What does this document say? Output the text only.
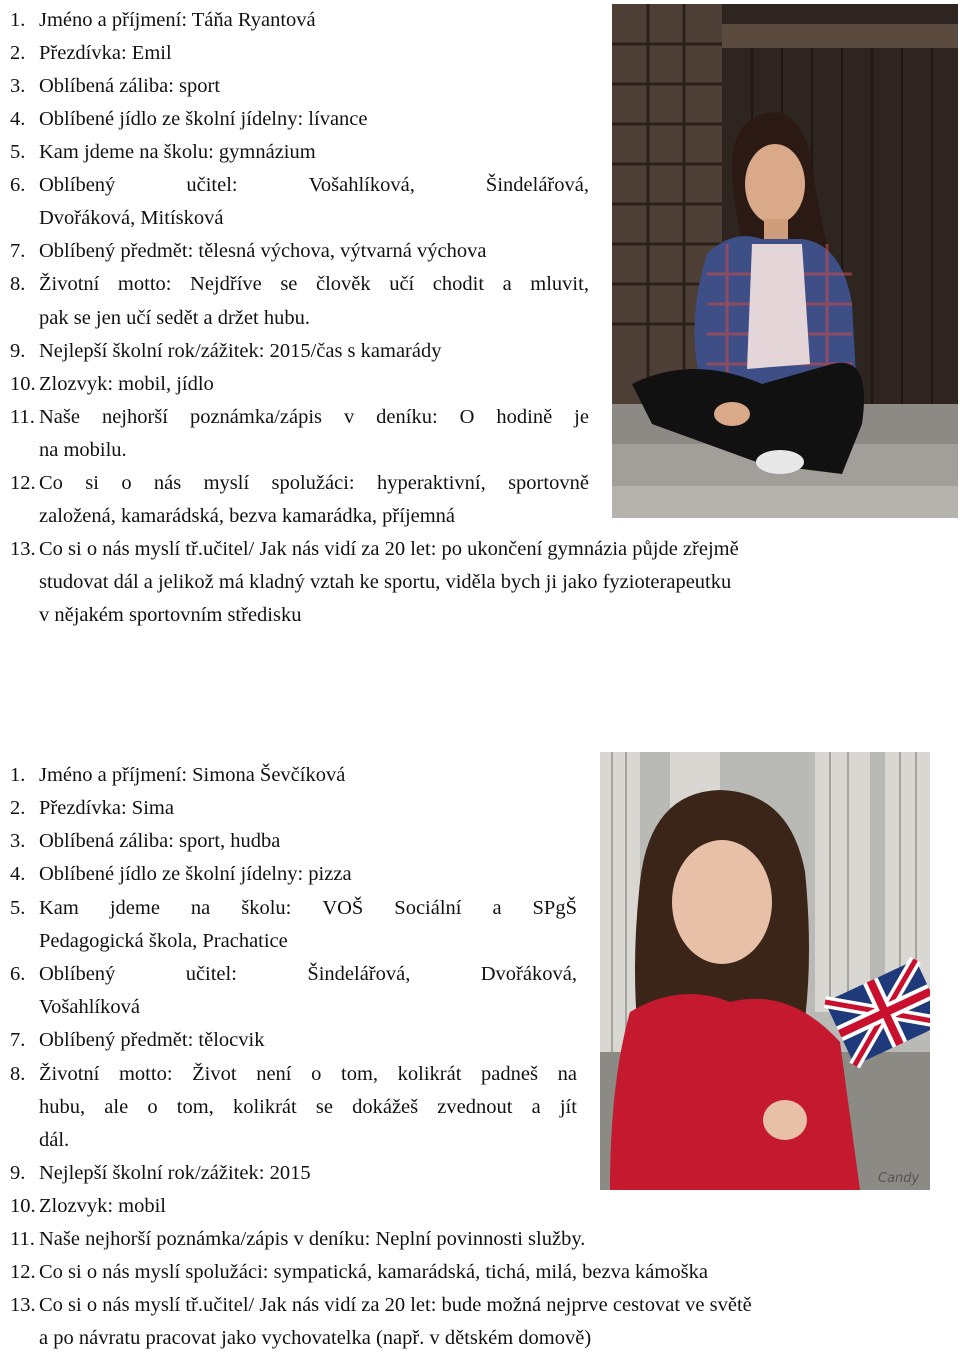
1. Jméno a příjmení: Táňa Ryantová
2. Přezdívka: Emil
3. Oblíbená záliba: sport
4. Oblíbené jídlo ze školní jídelny: lívance
5. Kam jdeme na školu: gymnázium
6. Oblíbený	učitel:	Vošahlíková,	Šindelářová,
Dvořáková, Mitísková
7. Oblíbený předmět: tělesná výchova, výtvarná výchova
8. Životní motto: Nejdříve se člověk učí chodit a mluvit,
pak se jen učí sedět a držet hubu.
9. Nejlepší školní rok/zážitek: 2015/čas s kamarády
10. Zlozvyk: mobil, jídlo
11. Naše nejhorší poznámka/zápis v deníku: O hodině je
na mobilu.
12. Co si o nás myslí spolužáci: hyperaktivní, sportovně
založená, kamarádská, bezva kamarádka, příjemná
13. Co si o nás myslí tř.učitel/ Jak nás vidí za 20 let: po ukončení gymnázia půjde zřejmě
studovat dál a jelikož má kladný vztah ke sportu, viděla bych ji jako fyzioterapeutku
v nějakém sportovním středisku
Candy
1. Jméno a příjmení: Simona Ševčíková
2. Přezdívka: Sima
3. Oblíbená záliba: sport, hudba
4. Oblíbené jídlo ze školní jídelny: pizza
5. Kam jdeme na školu: VOŠ Sociální a SPgŠ
Pedagogická škola, Prachatice
6. Oblíbený	učitel:	Šindelářová,	Dvořáková,
Vošahlíková
7. Oblíbený předmět: tělocvik
8. Životní motto: Život není o tom, kolikrát padneš na
hubu, ale o tom, kolikrát se dokážeš zvednout a jít
dál.
9. Nejlepší školní rok/zážitek: 2015
10. Zlozvyk: mobil
11. Naše nejhorší poznámka/zápis v deníku: Neplní povinnosti služby.
12. Co si o nás myslí spolužáci: sympatická, kamarádská, tichá, milá, bezva kámoška
13. Co si o nás myslí tř.učitel/ Jak nás vidí za 20 let: bude možná nejprve cestovat ve světě
a po návratu pracovat jako vychovatelka (např. v dětském domově)
